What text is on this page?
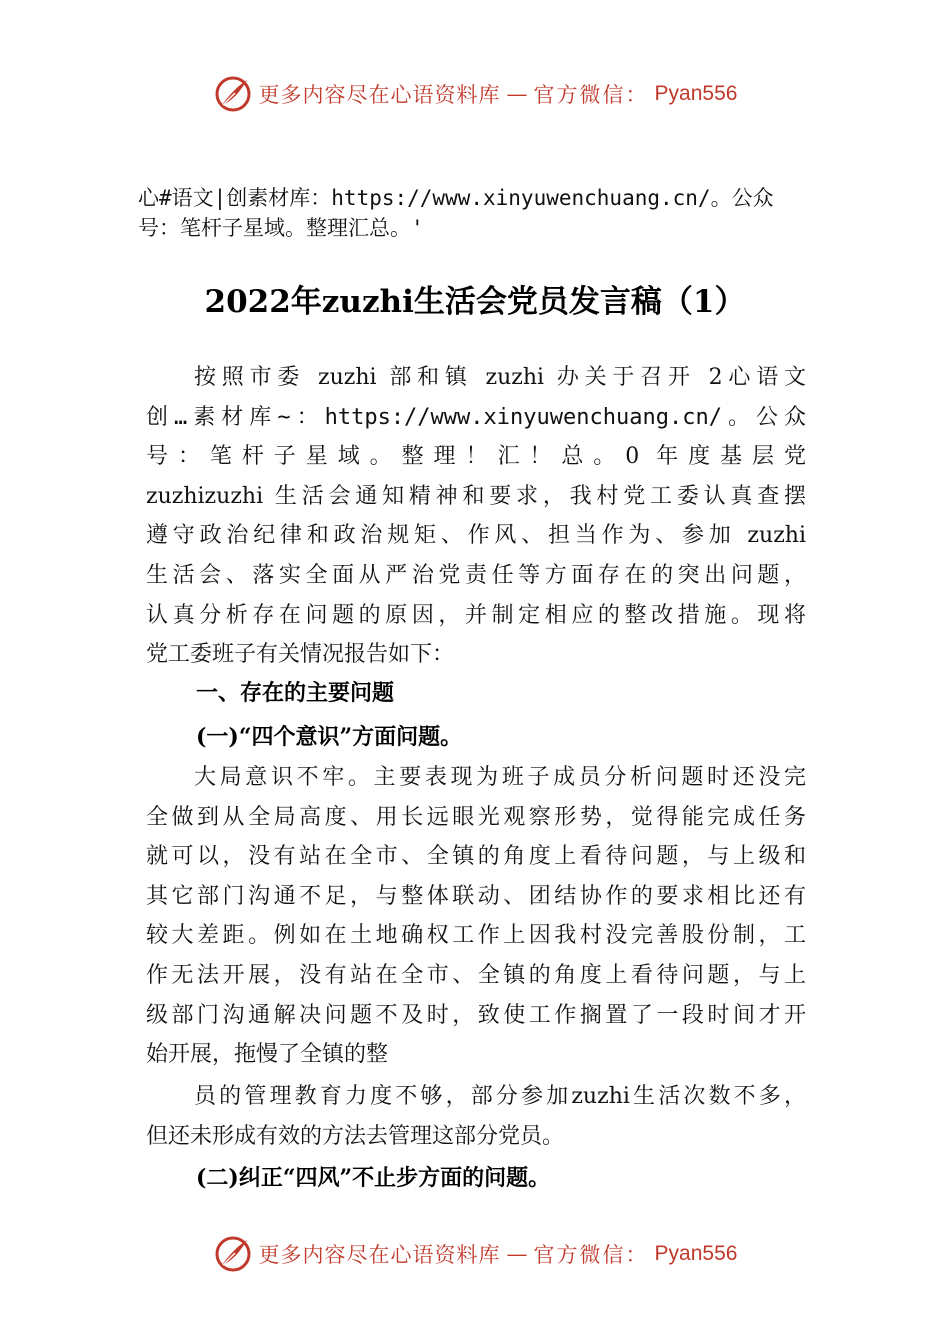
更多内容尽在心语资料库 — 官方微信： Pyan556
心#语文|创素材库：https://www.xinyuwenchuang.cn/。公众
号：笔杆子星域。整理汇总。'
2022年zuzhi生活会党员发言稿（1）
按照市委 zuzhi 部和镇 zuzhi 办关于召开 2心语文
创…素材库~：https://www.xinyuwenchuang.cn/。公众
号：笔杆子星域。整理！汇！总。0 年度基层党
zuzhizuzhi 生活会通知精神和要求，我村党工委认真查摆
遵守政治纪律和政治规矩、作风、担当作为、参加 zuzhi
生活会、落实全面从严治党责任等方面存在的突出问题，
认真分析存在问题的原因，并制定相应的整改措施。现将
党工委班子有关情况报告如下：
一、存在的主要问题
(一)“四个意识”方面问题。
大局意识不牢。主要表现为班子成员分析问题时还没完
全做到从全局高度、用长远眼光观察形势，觉得能完成任务
就可以，没有站在全市、全镇的角度上看待问题，与上级和
其它部门沟通不足，与整体联动、团结协作的要求相比还有
较大差距。例如在土地确权工作上因我村没完善股份制，工
作无法开展，没有站在全市、全镇的角度上看待问题，与上
级部门沟通解决问题不及时，致使工作搁置了一段时间才开
始开展，拖慢了全镇的整
员的管理教育力度不够，部分参加zuzhi生活次数不多，
但还未形成有效的方法去管理这部分党员。
(二)纠正“四风”不止步方面的问题。
更多内容尽在心语资料库 — 官方微信： Pyan556
